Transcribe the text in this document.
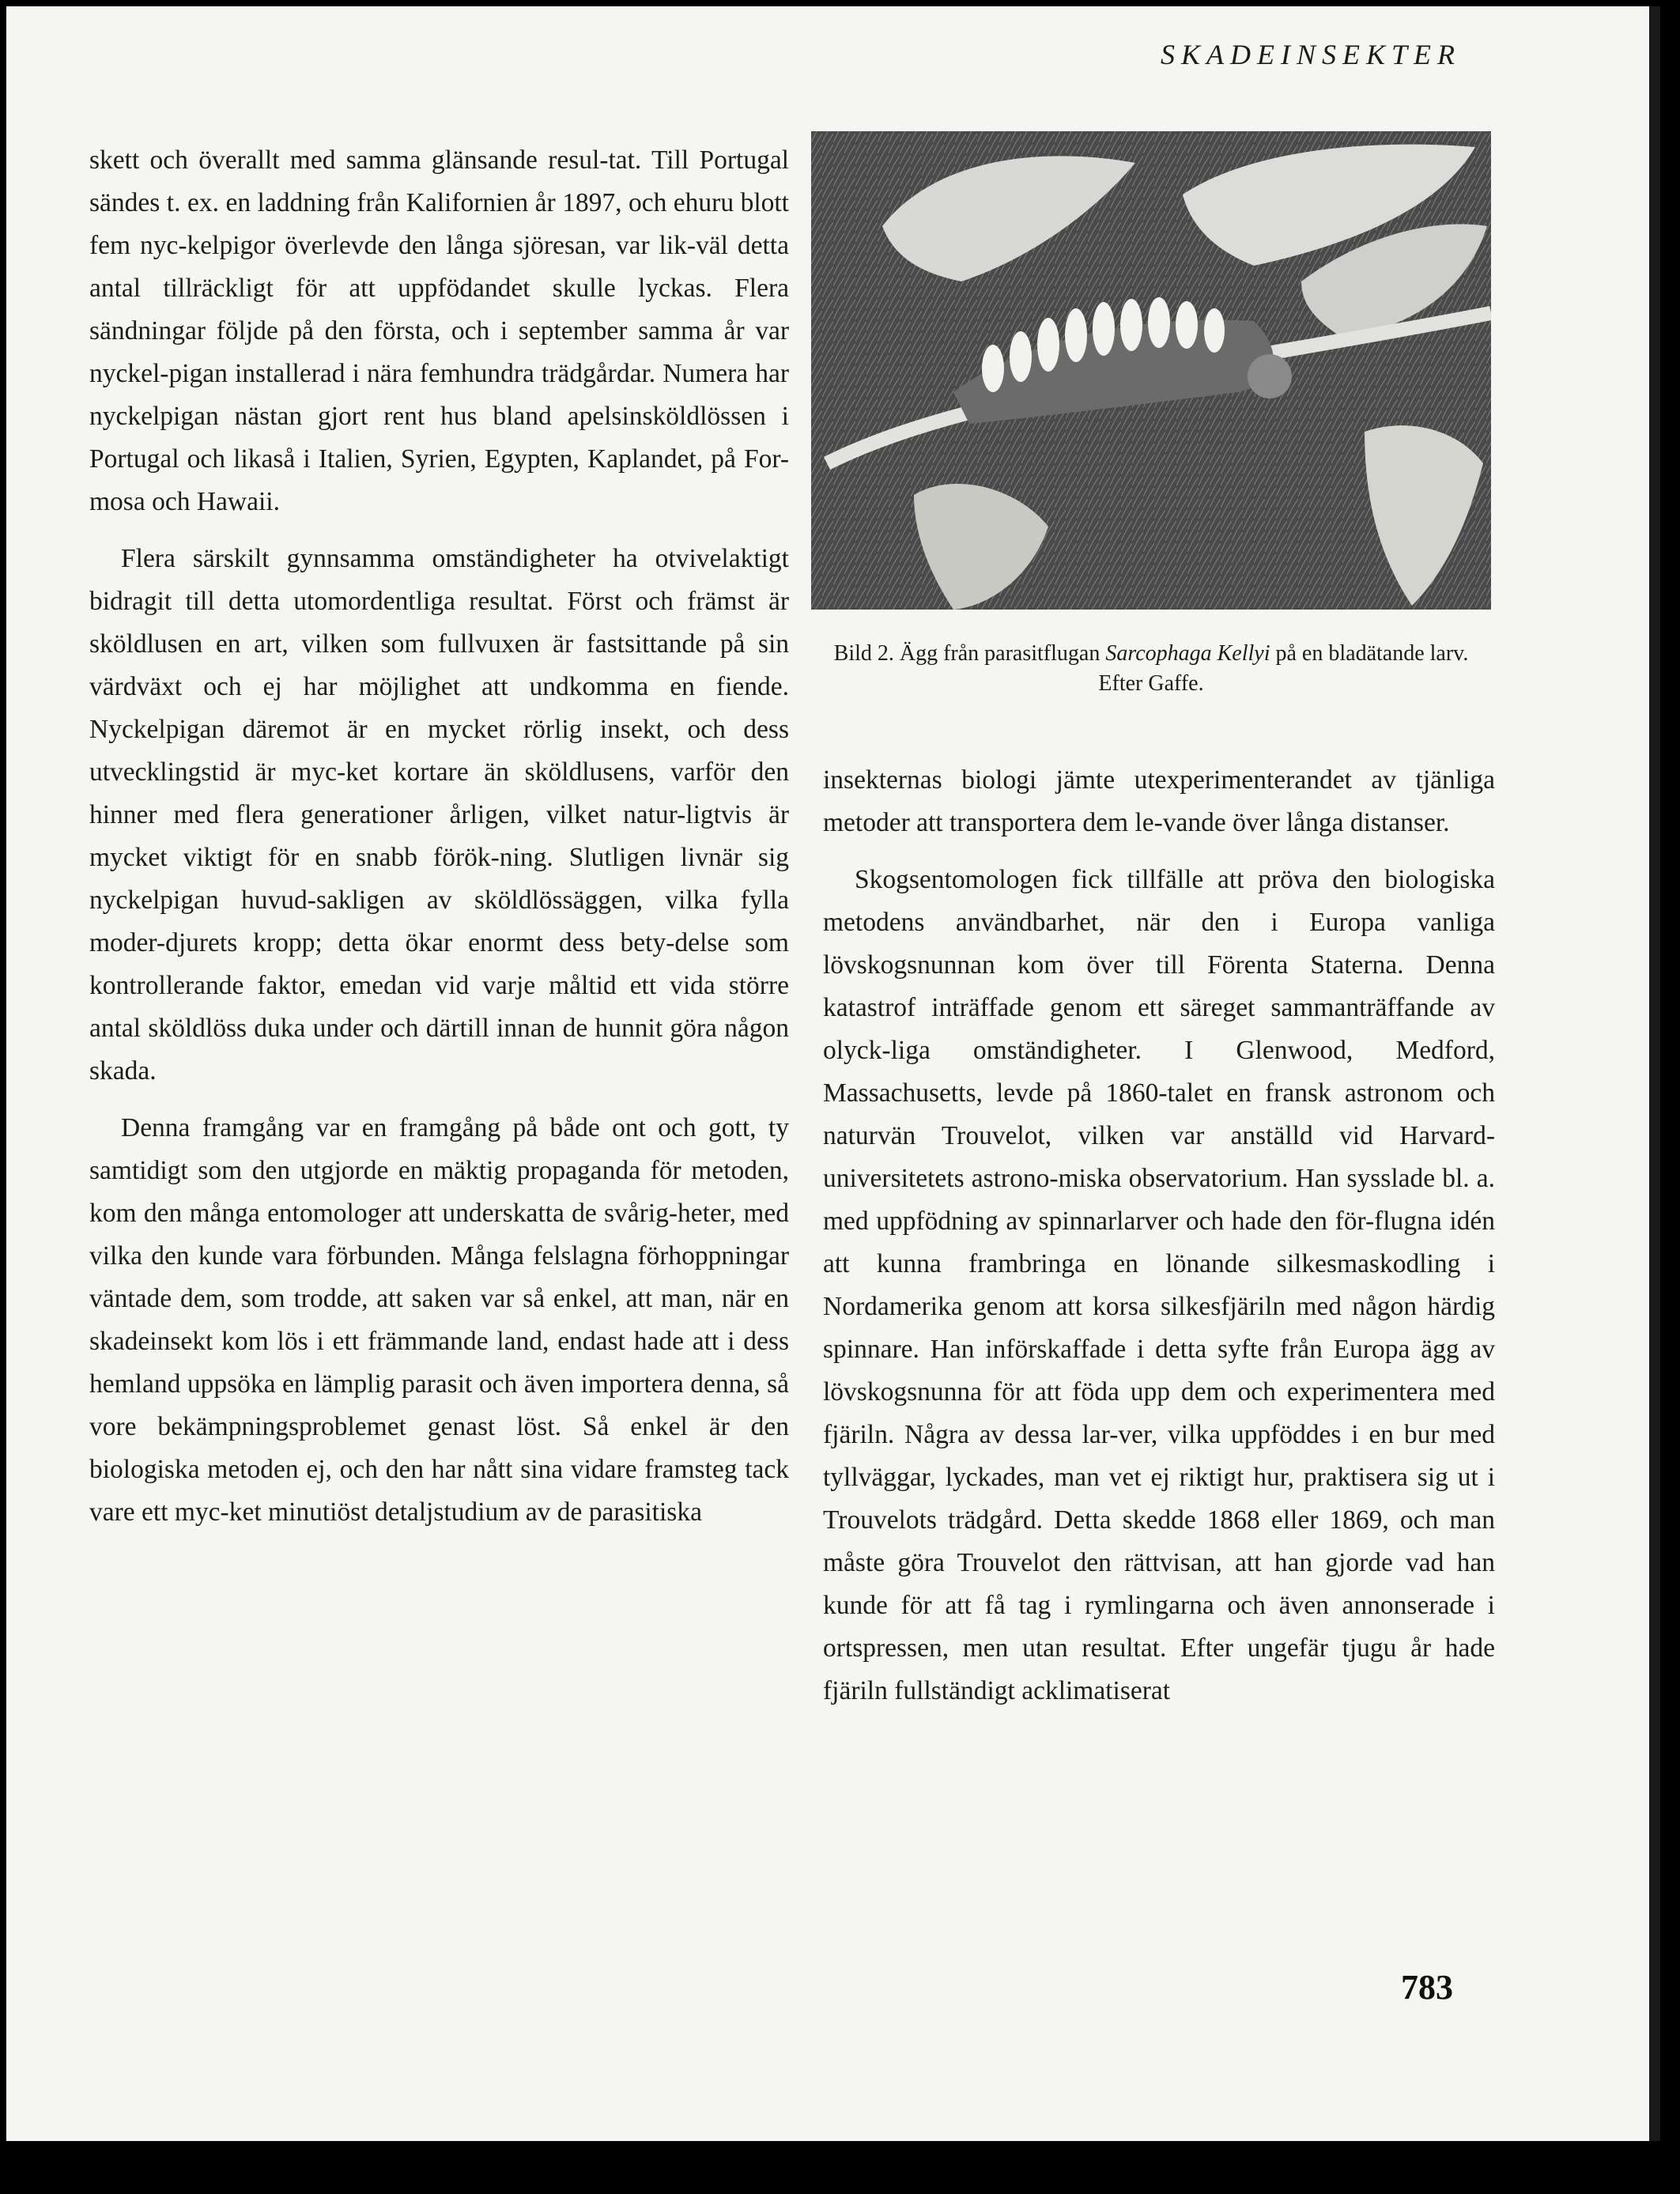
SKADEINSEKTER

skett och överallt med samma glänsande resul-tat. Till Portugal sändes t. ex. en laddning från Kalifornien år 1897, och ehuru blott fem nyc-kelpigor överlevde den långa sjöresan, var lik-väl detta antal tillräckligt för att uppfödandet skulle lyckas. Flera sändningar följde på den första, och i september samma år var nyckel-pigan installerad i nära femhundra trädgårdar. Numera har nyckelpigan nästan gjort rent hus bland apelsinsköldlössen i Portugal och likaså i Italien, Syrien, Egypten, Kaplandet, på For-mosa och Hawaii.

Flera särskilt gynnsamma omständigheter ha otvivelaktigt bidragit till detta utomordentliga resultat. Först och främst är sköldlusen en art, vilken som fullvuxen är fastsittande på sin värdväxt och ej har möjlighet att undkomma en fiende. Nyckelpigan däremot är en mycket rörlig insekt, och dess utvecklingstid är myc-ket kortare än sköldlusens, varför den hinner med flera generationer årligen, vilket natur-ligtvis är mycket viktigt för en snabb förök-ning. Slutligen livnär sig nyckelpigan huvud-sakligen av sköldlössäggen, vilka fylla moder-djurets kropp; detta ökar enormt dess bety-delse som kontrollerande faktor, emedan vid varje måltid ett vida större antal sköldlöss duka under och därtill innan de hunnit göra någon skada.

Denna framgång var en framgång på både ont och gott, ty samtidigt som den utgjorde en mäktig propaganda för metoden, kom den många entomologer att underskatta de svårig-heter, med vilka den kunde vara förbunden. Många felslagna förhoppningar väntade dem, som trodde, att saken var så enkel, att man, när en skadeinsekt kom lös i ett främmande land, endast hade att i dess hemland uppsöka en lämplig parasit och även importera denna, så vore bekämpningsproblemet genast löst. Så enkel är den biologiska metoden ej, och den har nått sina vidare framsteg tack vare ett myc-ket minutiöst detaljstudium av de parasitiska

Bild 2. Ägg från parasitflugan Sarcophaga Kellyi på en bladätande larv. Efter Gaffe.

insekternas biologi jämte utexperimenterandet av tjänliga metoder att transportera dem le-vande över långa distanser.

Skogsentomologen fick tillfälle att pröva den biologiska metodens användbarhet, när den i Europa vanliga lövskogsnunnan kom över till Förenta Staterna. Denna katastrof inträffade genom ett säreget sammanträffande av olyck-liga omständigheter. I Glenwood, Medford, Massachusetts, levde på 1860-talet en fransk astronom och naturvän Trouvelot, vilken var anställd vid Harvard-universitetets astrono-miska observatorium. Han sysslade bl. a. med uppfödning av spinnarlarver och hade den för-flugna idén att kunna frambringa en lönande silkesmaskodling i Nordamerika genom att korsa silkesfjäriln med någon härdig spinnare. Han införskaffade i detta syfte från Europa ägg av lövskogsnunna för att föda upp dem och experimentera med fjäriln. Några av dessa lar-ver, vilka uppföddes i en bur med tyllväggar, lyckades, man vet ej riktigt hur, praktisera sig ut i Trouvelots trädgård. Detta skedde 1868 eller 1869, och man måste göra Trouvelot den rättvisan, att han gjorde vad han kunde för att få tag i rymlingarna och även annonserade i ortspressen, men utan resultat. Efter ungefär tjugu år hade fjäriln fullständigt acklimatiserat

783
